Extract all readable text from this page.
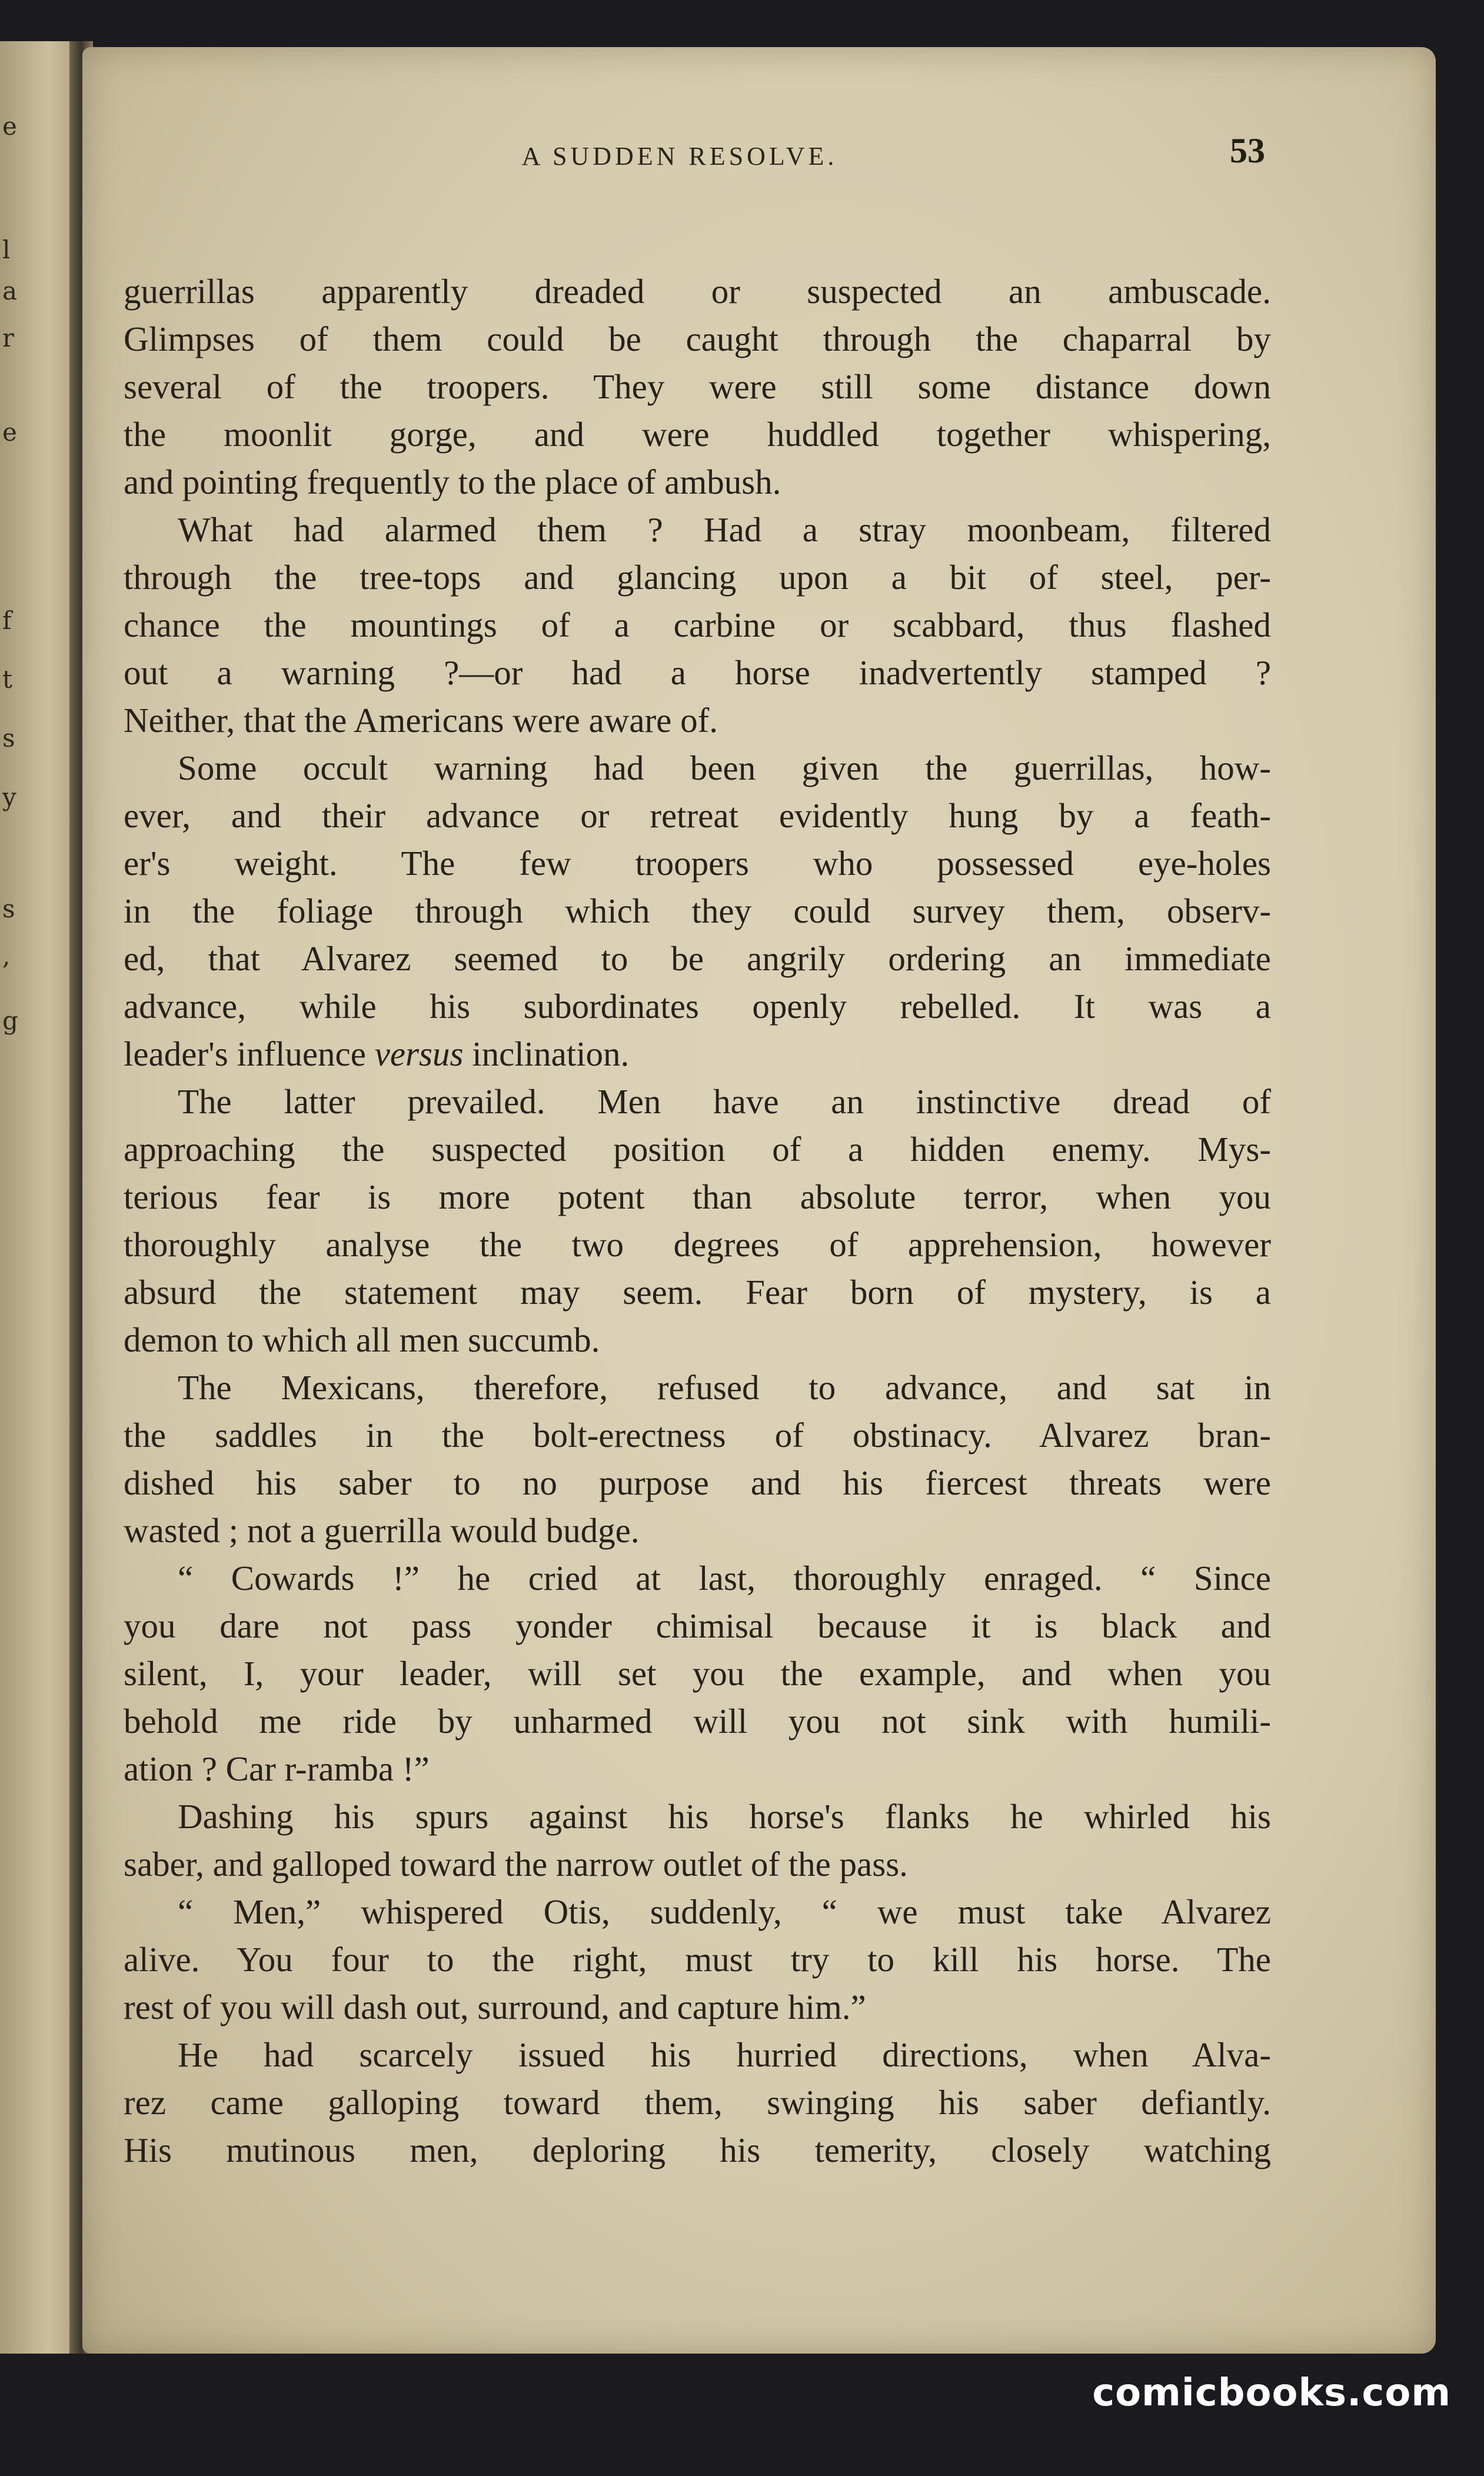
e
l
a
r
e
f
t
s
y
s
,
g
A SUDDEN RESOLVE.	53
guerrillas apparently dreaded or suspected an ambuscade.
Glimpses of them could be caught through the chaparral by
several of the troopers. They were still some distance down
the moonlit gorge, and were huddled together whispering,
and pointing frequently to the place of ambush.
What had alarmed them ? Had a stray moonbeam, filtered
through the tree-tops and glancing upon a bit of steel, per-
chance the mountings of a carbine or scabbard, thus flashed
out a warning ?—or had a horse inadvertently stamped ?
Neither, that the Americans were aware of.
Some occult warning had been given the guerrillas, how-
ever, and their advance or retreat evidently hung by a feath-
er's weight. The few troopers who possessed eye-holes
in the foliage through which they could survey them, observ-
ed, that Alvarez seemed to be angrily ordering an immediate
advance, while his subordinates openly rebelled. It was a
leader's influence versus inclination.
The latter prevailed. Men have an instinctive dread of
approaching the suspected position of a hidden enemy. Mys-
terious fear is more potent than absolute terror, when you
thoroughly analyse the two degrees of apprehension, however
absurd the statement may seem. Fear born of mystery, is a
demon to which all men succumb.
The Mexicans, therefore, refused to advance, and sat in
the saddles in the bolt-erectness of obstinacy. Alvarez bran-
dished his saber to no purpose and his fiercest threats were
wasted ; not a guerrilla would budge.
“ Cowards !” he cried at last, thoroughly enraged. “ Since
you dare not pass yonder chimisal because it is black and
silent, I, your leader, will set you the example, and when you
behold me ride by unharmed will you not sink with humili-
ation ? Car r-ramba !”
Dashing his spurs against his horse's flanks he whirled his
saber, and galloped toward the narrow outlet of the pass.
“ Men,” whispered Otis, suddenly, “ we must take Alvarez
alive. You four to the right, must try to kill his horse. The
rest of you will dash out, surround, and capture him.”
He had scarcely issued his hurried directions, when Alva-
rez came galloping toward them, swinging his saber defiantly.
His mutinous men, deploring his temerity, closely watching
comicbooks.com
